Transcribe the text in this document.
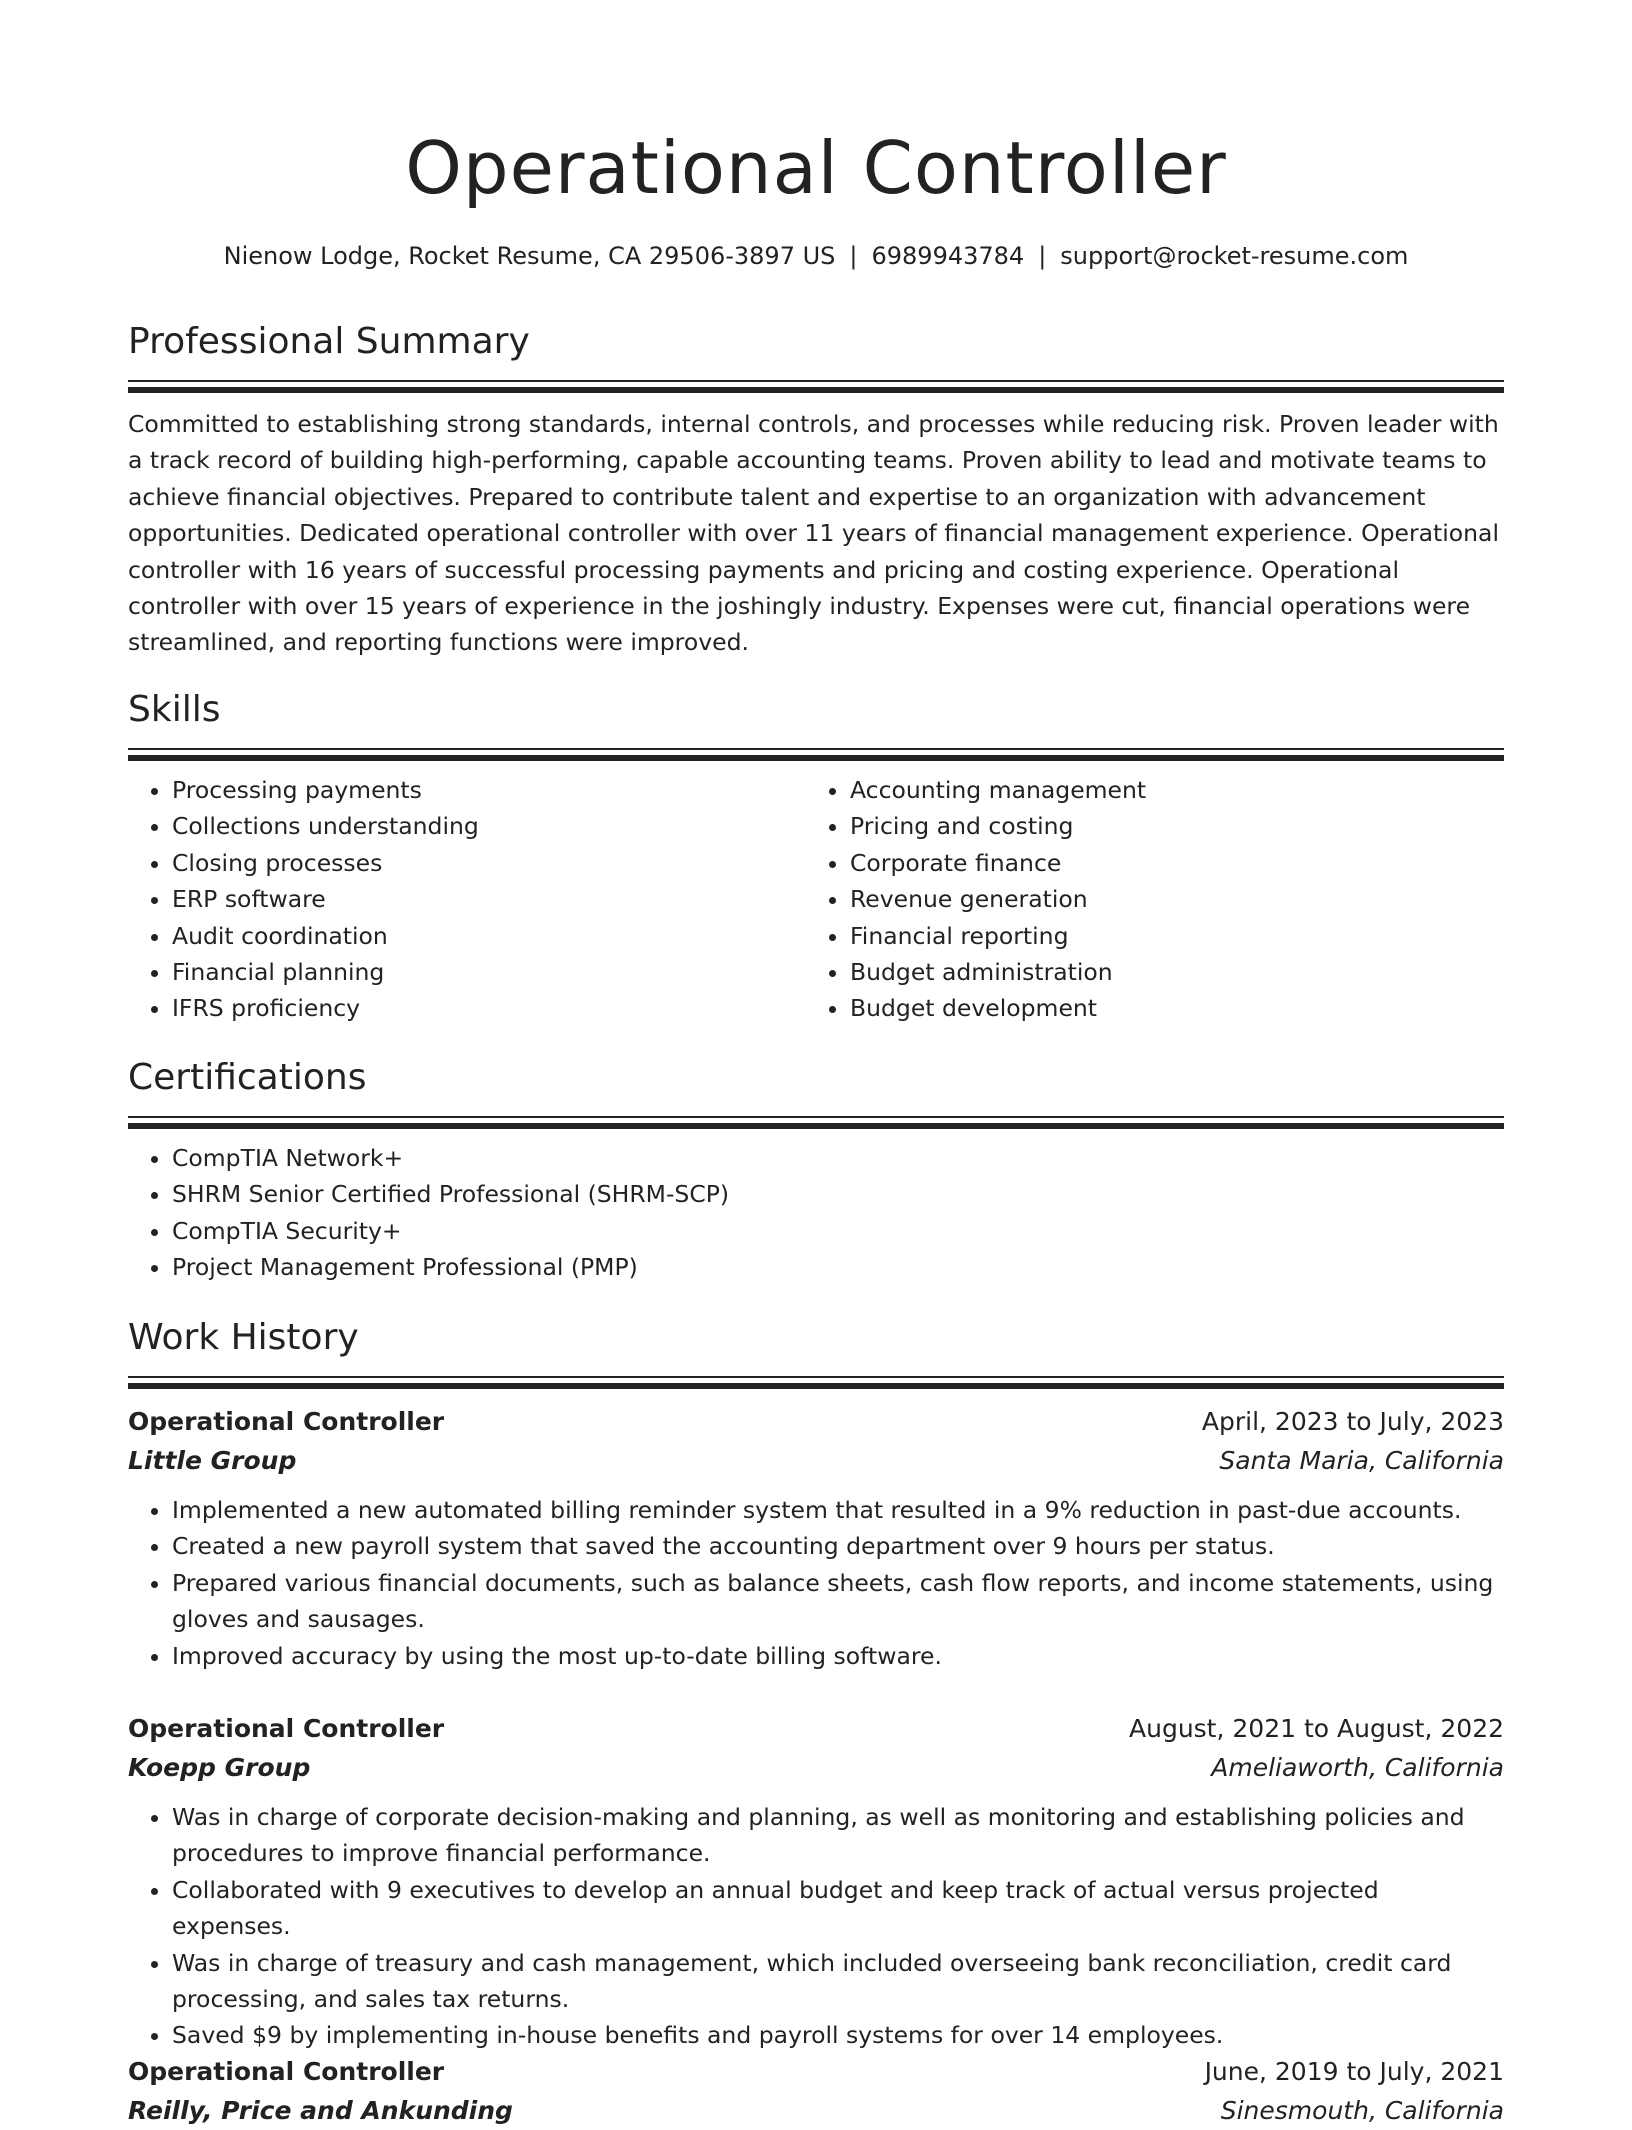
Operational Controller
Nienow Lodge, Rocket Resume, CA 29506-3897 US | 6989943784 | support@rocket-resume.com
Professional Summary
Committed to establishing strong standards, internal controls, and processes while reducing risk. Proven leader with a track record of building high-performing, capable accounting teams. Proven ability to lead and motivate teams to achieve financial objectives. Prepared to contribute talent and expertise to an organization with advancement opportunities. Dedicated operational controller with over 11 years of financial management experience. Operational controller with 16 years of successful processing payments and pricing and costing experience. Operational controller with over 15 years of experience in the joshingly industry. Expenses were cut, financial operations were streamlined, and reporting functions were improved.
Skills
• Processing payments
• Collections understanding
• Closing processes
• ERP software
• Audit coordination
• Financial planning
• IFRS proficiency
• Accounting management
• Pricing and costing
• Corporate finance
• Revenue generation
• Financial reporting
• Budget administration
• Budget development
Certifications
• CompTIA Network+
• SHRM Senior Certified Professional (SHRM-SCP)
• CompTIA Security+
• Project Management Professional (PMP)
Work History
Operational Controller	April, 2023 to July, 2023
Little Group	Santa Maria, California
• Implemented a new automated billing reminder system that resulted in a 9% reduction in past-due accounts.
• Created a new payroll system that saved the accounting department over 9 hours per status.
• Prepared various financial documents, such as balance sheets, cash flow reports, and income statements, using gloves and sausages.
• Improved accuracy by using the most up-to-date billing software.
Operational Controller	August, 2021 to August, 2022
Koepp Group	Ameliaworth, California
• Was in charge of corporate decision-making and planning, as well as monitoring and establishing policies and procedures to improve financial performance.
• Collaborated with 9 executives to develop an annual budget and keep track of actual versus projected expenses.
• Was in charge of treasury and cash management, which included overseeing bank reconciliation, credit card processing, and sales tax returns.
• Saved $9 by implementing in-house benefits and payroll systems for over 14 employees.
Operational Controller	June, 2019 to July, 2021
Reilly, Price and Ankunding	Sinesmouth, California
